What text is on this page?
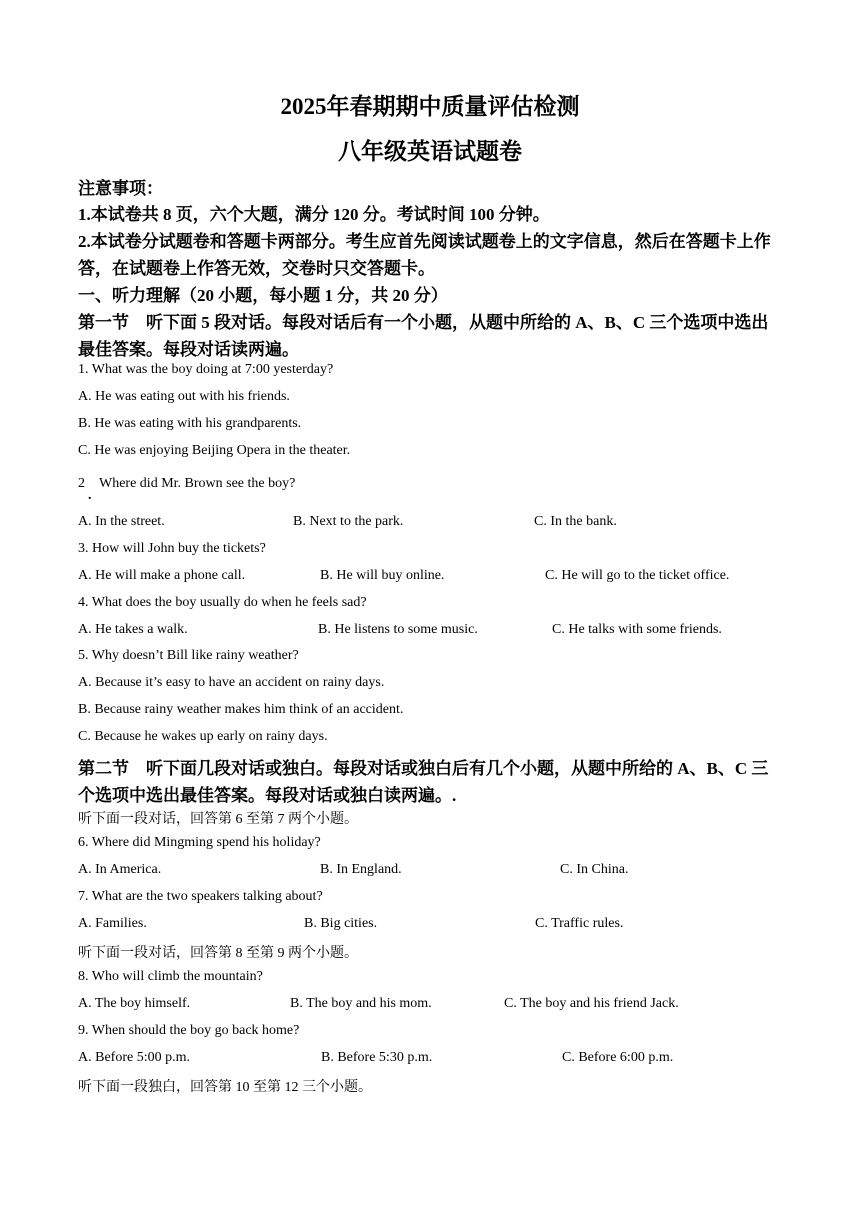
2025年春期期中质量评估检测
八年级英语试题卷
注意事项：
1.本试卷共 8 页，六个大题，满分 120 分。考试时间 100 分钟。
2.本试卷分试题卷和答题卡两部分。考生应首先阅读试题卷上的文字信息，然后在答题卡上作
答，在试题卷上作答无效，交卷时只交答题卡。
一、听力理解（20 小题，每小题 1 分，共 20 分）
第一节　听下面 5 段对话。每段对话后有一个小题，从题中所给的 A、B、C 三个选项中选出
最佳答案。每段对话读两遍。
1. What was the boy doing at 7:00 yesterday?
A. He was eating out with his friends.
B. He was eating with his grandparents.
C. He was enjoying Beijing Opera in the theater.
2　Where did Mr. Brown see the boy?
.
A. In the street.	B. Next to the park.	C. In the bank.
3. How will John buy the tickets?
A. He will make a phone call.	B. He will buy online.	C. He will go to the ticket office.
4. What does the boy usually do when he feels sad?
A. He takes a walk.	B. He listens to some music.	C. He talks with some friends.
5. Why doesn’t Bill like rainy weather?
A. Because it’s easy to have an accident on rainy days.
B. Because rainy weather makes him think of an accident.
C. Because he wakes up early on rainy days.
第二节　听下面几段对话或独白。每段对话或独白后有几个小题，从题中所给的 A、B、C 三
个选项中选出最佳答案。每段对话或独白读两遍。.
听下面一段对话，回答第 6 至第 7 两个小题。
6. Where did Mingming spend his holiday?
A. In America.	B. In England.	C. In China.
7. What are the two speakers talking about?
A. Families.	B. Big cities.	C. Traffic rules.
听下面一段对话，回答第 8 至第 9 两个小题。
8. Who will climb the mountain?
A. The boy himself.	B. The boy and his mom.	C. The boy and his friend Jack.
9. When should the boy go back home?
A. Before 5:00 p.m.	B. Before 5:30 p.m.	C. Before 6:00 p.m.
听下面一段独白，回答第 10 至第 12 三个小题。
